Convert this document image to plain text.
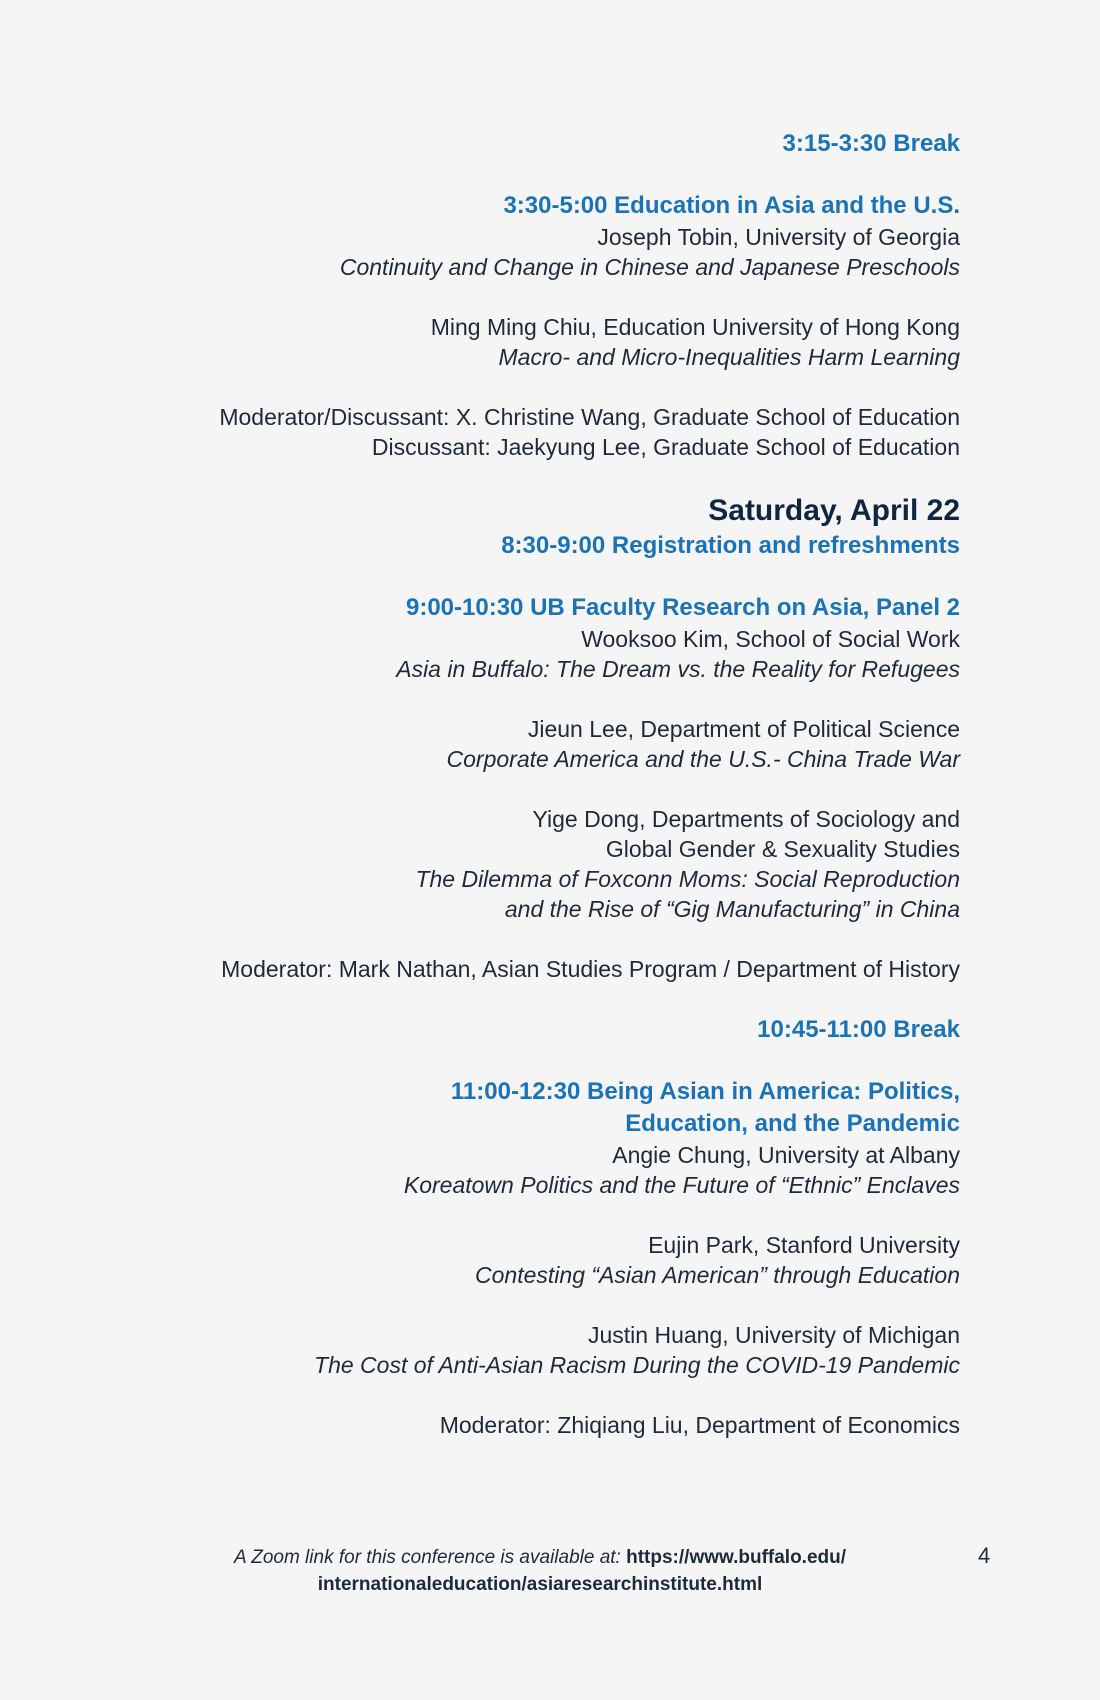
3:15-3:30 Break
3:30-5:00 Education in Asia and the U.S.
Joseph Tobin, University of Georgia
Continuity and Change in Chinese and Japanese Preschools
Ming Ming Chiu, Education University of Hong Kong
Macro- and Micro-Inequalities Harm Learning
Moderator/Discussant: X. Christine Wang, Graduate School of Education
Discussant: Jaekyung Lee, Graduate School of Education
Saturday, April 22
8:30-9:00 Registration and refreshments
9:00-10:30 UB Faculty Research on Asia, Panel 2
Wooksoo Kim, School of Social Work
Asia in Buffalo: The Dream vs. the Reality for Refugees
Jieun Lee, Department of Political Science
Corporate America and the U.S.- China Trade War
Yige Dong, Departments of Sociology and
Global Gender & Sexuality Studies
The Dilemma of Foxconn Moms: Social Reproduction
and the Rise of “Gig Manufacturing” in China
Moderator: Mark Nathan, Asian Studies Program / Department of History
10:45-11:00 Break
11:00-12:30 Being Asian in America: Politics,
Education, and the Pandemic
Angie Chung, University at Albany
Koreatown Politics and the Future of “Ethnic” Enclaves
Eujin Park, Stanford University
Contesting “Asian American” through Education
Justin Huang, University of Michigan
The Cost of Anti-Asian Racism During the COVID-19 Pandemic
Moderator: Zhiqiang Liu, Department of Economics
A Zoom link for this conference is available at: https://www.buffalo.edu/
internationaleducation/asiaresearchinstitute.html
4
